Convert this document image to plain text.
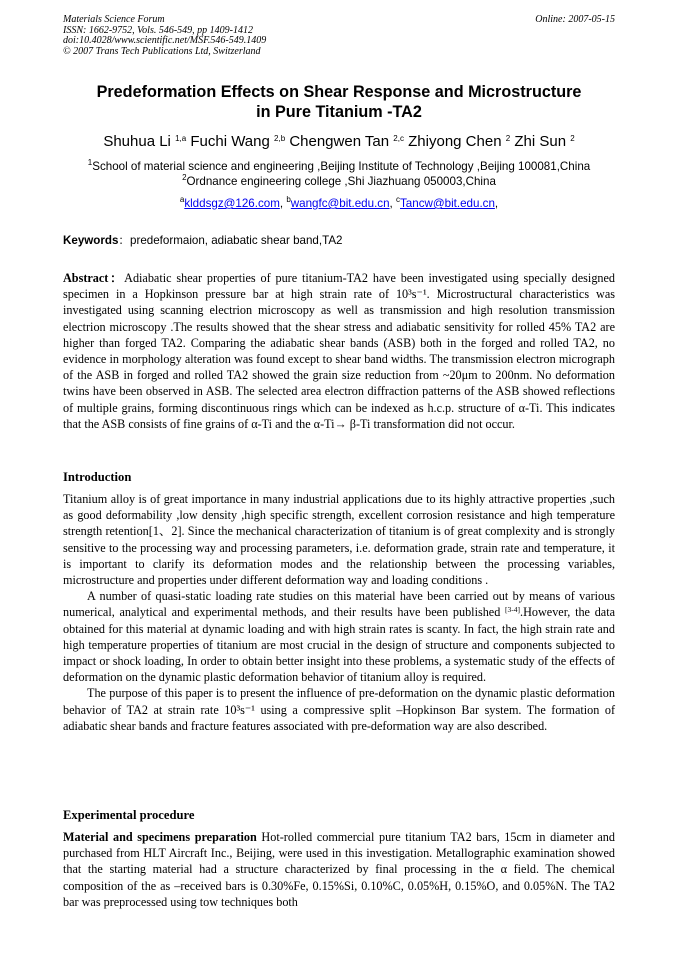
Materials Science Forum
ISSN: 1662-9752, Vols. 546-549, pp 1409-1412
doi:10.4028/www.scientific.net/MSF.546-549.1409
© 2007 Trans Tech Publications Ltd, Switzerland
Online: 2007-05-15
Predeformation Effects on Shear Response and Microstructure
in Pure Titanium -TA2
Shuhua Li $^{1,a}$ Fuchi Wang $^{2,b}$ Chengwen Tan $^{2,c}$ Zhiyong Chen $^2$ Zhi Sun $^2$
$^1$School of material science and engineering ,Beijing Institute of Technology ,Beijing 100081,China
$^2$Ordnance engineering college ,Shi Jiazhuang 050003,China
$^a$klddsgz@126.com, $^b$wangfc@bit.edu.cn, $^c$Tancw@bit.edu.cn,
Keywords：predeformaion, adiabatic shear band,TA2
Abstract：Adiabatic shear properties of pure titanium-TA2 have been investigated using specially designed specimen in a Hopkinson pressure bar at high strain rate of 10³s⁻¹. Microstructural characteristics was investigated using scanning electrion microscopy as well as transmission and high resolution transmission electrion microscopy .The results showed that the shear stress and adiabatic sensitivity for rolled 45% TA2 are higher than forged TA2. Comparing the adiabatic shear bands (ASB) both in the forged and rolled TA2, no evidence in morphology alteration was found except to shear band widths. The transmission electron micrograph of the ASB in forged and rolled TA2 showed the grain size reduction from ~20μm to 200nm. No deformation twins have been observed in ASB. The selected area electron diffraction patterns of the ASB showed reflections of multiple grains, forming discontinuous rings which can be indexed as h.c.p. structure of α-Ti. This indicates that the ASB consists of fine grains of α-Ti and the α-Ti→ β-Ti transformation did not occur.
Introduction
Titanium alloy is of great importance in many industrial applications due to its highly attractive properties ,such as good deformability ,low density ,high specific strength, excellent corrosion resistance and high temperature strength retention[1、2]. Since the mechanical characterization of titanium is of great complexity and is strongly sensitive to the processing way and processing parameters, i.e. deformation grade, strain rate and temperature, it is important to clarify its deformation modes and the relationship between the processing variables, microstructure and properties under different deformation way and loading conditions .
A number of quasi-static loading rate studies on this material have been carried out by means of various numerical, analytical and experimental methods, and their results have been published [3-4].However, the data obtained for this material at dynamic loading and with high strain rates is scanty. In fact, the high strain rate and high temperature properties of titanium are most crucial in the design of structure and components subjected to impact or shock loading, In order to obtain better insight into these problems, a systematic study of the effects of deformation on the dynamic plastic deformation behavior of titanium alloy is required.
The purpose of this paper is to present the influence of pre-deformation on the dynamic plastic deformation behavior of TA2 at strain rate 10³s⁻¹ using a compressive split –Hopkinson Bar system. The formation of adiabatic shear bands and fracture features associated with pre-deformation way are also described.
Experimental procedure
Material and specimens preparation Hot-rolled commercial pure titanium TA2 bars, 15cm in diameter and purchased from HLT Aircraft Inc., Beijing, were used in this investigation. Metallographic examination showed that the starting material had a structure characterized by final processing in the α field. The chemical composition of the as –received bars is 0.30%Fe, 0.15%Si, 0.10%C, 0.05%H, 0.15%O, and 0.05%N. The TA2 bar was preprocessed using tow techniques both
